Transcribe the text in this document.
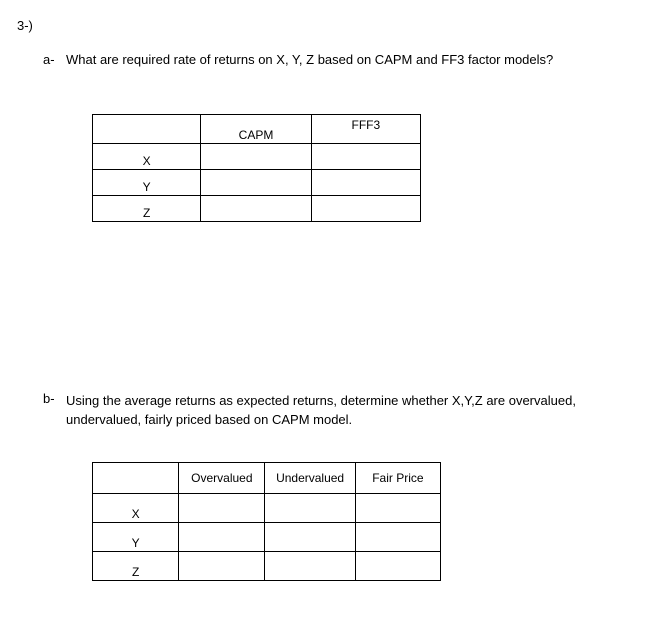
3-)
a- What are required rate of returns on X, Y, Z based on CAPM and FF3 factor models?
	CAPM	FFF3
X		
Y		
Z		
b- Using the average returns as expected returns, determine whether X,Y,Z are overvalued,
undervalued, fairly priced based on CAPM model.
	Overvalued	Undervalued	Fair Price
X			
Y			
Z			
